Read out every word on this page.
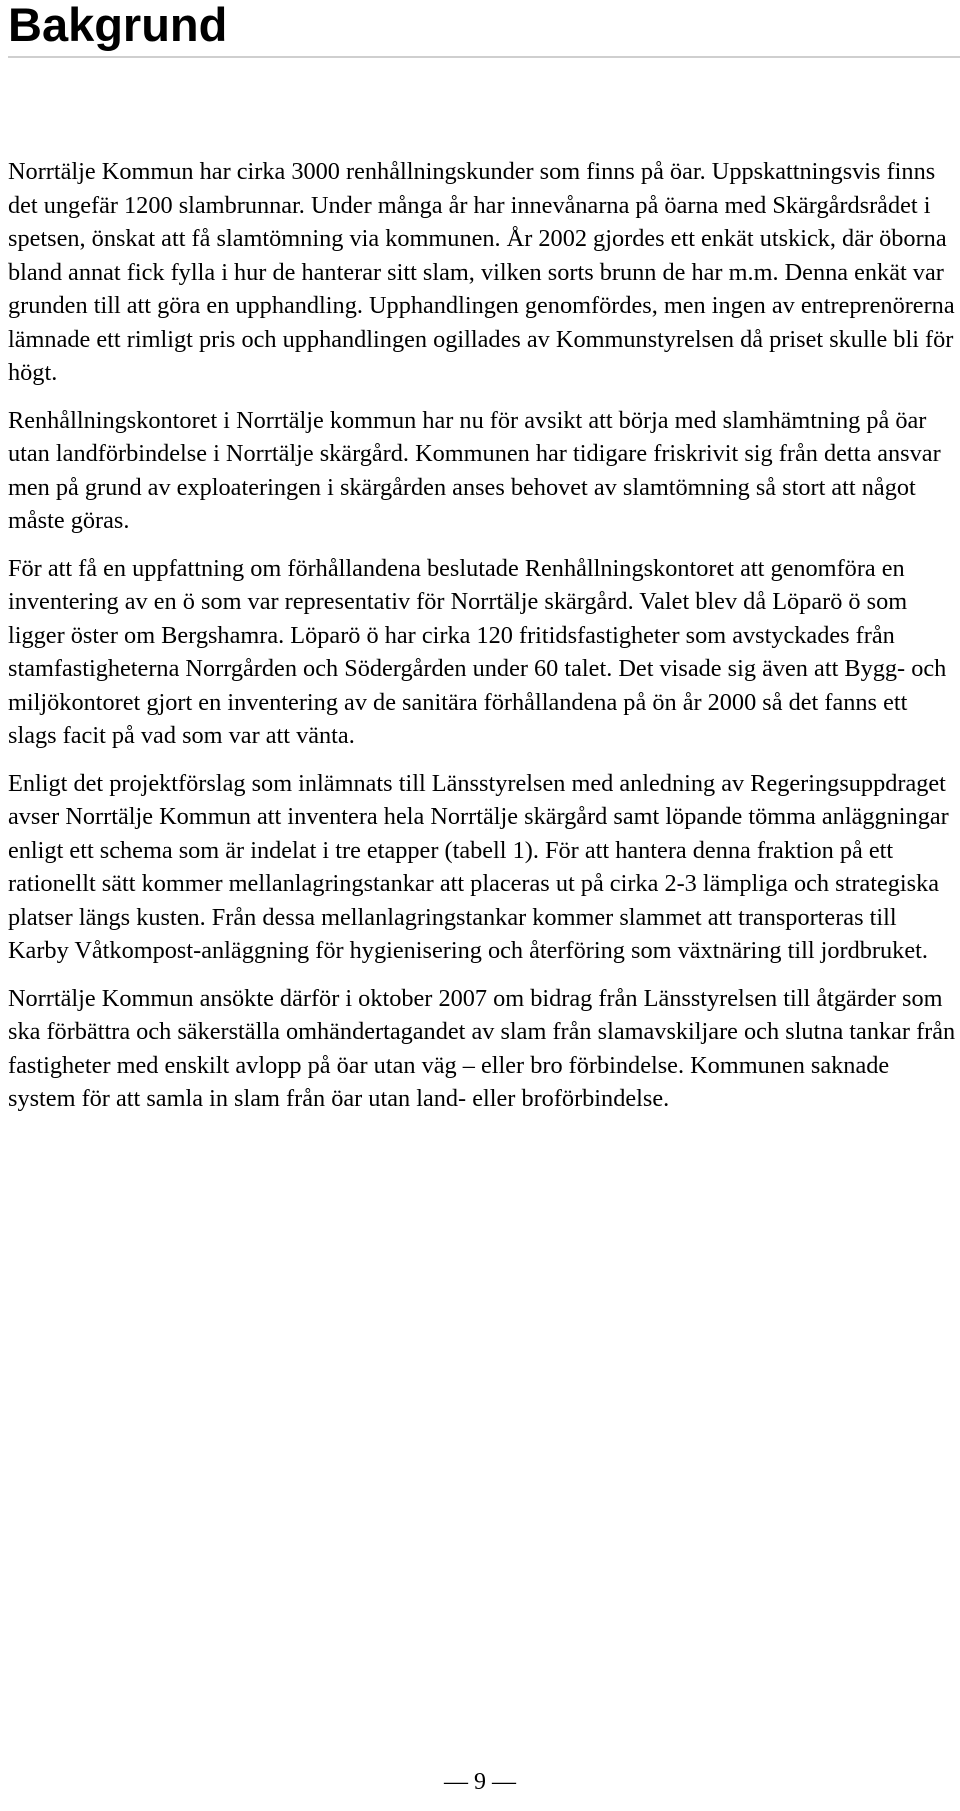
Bakgrund

Norrtälje Kommun har cirka 3000 renhållningskunder som finns på öar. Uppskattningsvis finns det ungefär 1200 slambrunnar. Under många år har innevånarna på öarna med Skärgårdsrådet i spetsen, önskat att få slamtömning via kommunen. År 2002 gjordes ett enkät utskick, där öborna bland annat fick fylla i hur de hanterar sitt slam, vilken sorts brunn de har m.m. Denna enkät var grunden till att göra en upphandling. Upphandlingen genomfördes, men ingen av entreprenörerna lämnade ett rimligt pris och upphandlingen ogillades av Kommunstyrelsen då priset skulle bli för högt.

Renhållningskontoret i Norrtälje kommun har nu för avsikt att börja med slamhämtning på öar utan landförbindelse i Norrtälje skärgård. Kommunen har tidigare friskrivit sig från detta ansvar men på grund av exploateringen i skärgården anses behovet av slamtömning så stort att något måste göras.

För att få en uppfattning om förhållandena beslutade Renhållningskontoret att genomföra en inventering av en ö som var representativ för Norrtälje skärgård. Valet blev då Löparö ö som ligger öster om Bergshamra. Löparö ö har cirka 120 fritidsfastigheter som avstyckades från stamfastigheterna Norrgården och Södergården under 60 talet. Det visade sig även att Bygg- och miljökontoret gjort en inventering av de sanitära förhållandena på ön år 2000 så det fanns ett slags facit på vad som var att vänta.

Enligt det projektförslag som inlämnats till Länsstyrelsen med anledning av Regeringsuppdraget avser Norrtälje Kommun att inventera hela Norrtälje skärgård samt löpande tömma anläggningar enligt ett schema som är indelat i tre etapper (tabell 1). För att hantera denna fraktion på ett rationellt sätt kommer mellanlagringstankar att placeras ut på cirka 2-3 lämpliga och strategiska platser längs kusten. Från dessa mellanlagringstankar kommer slammet att transporteras till Karby Våtkompost-anläggning för hygienisering och återföring som växtnäring till jordbruket.

Norrtälje Kommun ansökte därför i oktober 2007 om bidrag från Länsstyrelsen till åtgärder som ska förbättra och säkerställa omhändertagandet av slam från slamavskiljare och slutna tankar från fastigheter med enskilt avlopp på öar utan väg – eller bro förbindelse. Kommunen saknade system för att samla in slam från öar utan land- eller broförbindelse.

— 9 —
